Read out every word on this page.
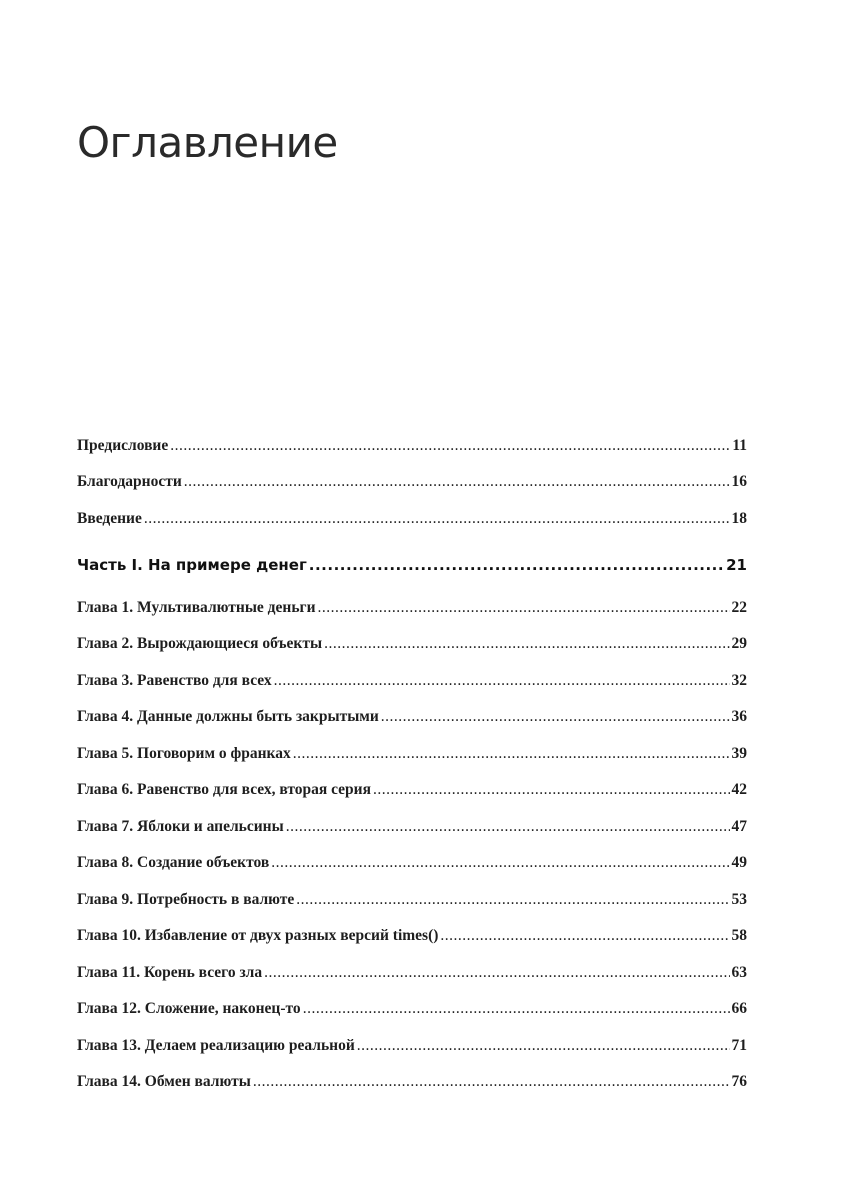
Оглавление
Предисловие .....	11
Благодарности .....	16
Введение .....	18
Часть I. На примере денег .....	21
Глава 1. Мультивалютные деньги .....	22
Глава 2. Вырождающиеся объекты .....	29
Глава 3. Равенство для всех .....	32
Глава 4. Данные должны быть закрытыми .....	36
Глава 5. Поговорим о франках .....	39
Глава 6. Равенство для всех, вторая серия .....	42
Глава 7. Яблоки и апельсины .....	47
Глава 8. Создание объектов .....	49
Глава 9. Потребность в валюте .....	53
Глава 10. Избавление от двух разных версий times() .....	58
Глава 11. Корень всего зла .....	63
Глава 12. Сложение, наконец-то .....	66
Глава 13. Делаем реализацию реальной .....	71
Глава 14. Обмен валюты .....	76
